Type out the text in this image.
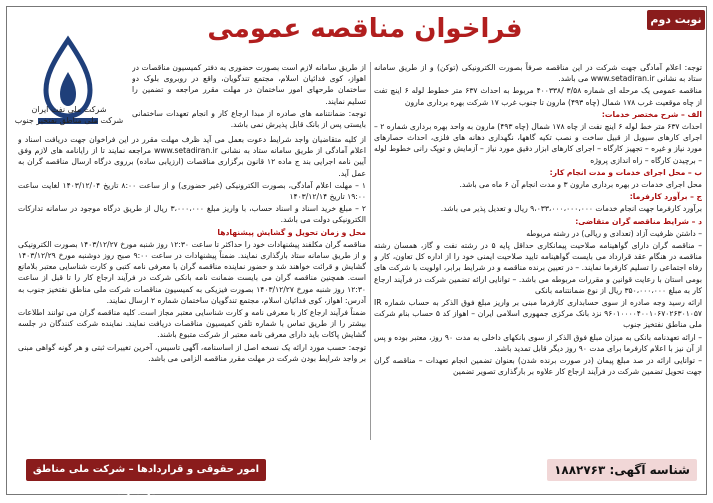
نوبت دوم
فراخوان مناقصه عمومی
شرکت ملی نفت ایران
شرکت ملی مناطق نفتخیز جنوب

توجه: اعلام آمادگی جهت شرکت در این مناقصه صرفاً بصورت الکترونیکی (توکن) و از طریق سامانه ستاد به نشانی www.setadiran.ir می باشد.

مناقصه عمومی یک مرحله ای شماره ۳/۵۸ /۴۰۰۳۳۸ مربوط به احداث ۶۳۷ متر خطوط لوله ۶ اینچ تفت از چاه موقعیت غرب ۱۷۸ شمال (چاه ۴۹۳) مارون تا جنوب غرب ۱۷ شرکت بهره برداری مارون

الف – شرح مختصر خدمات:

احداث ۶۳۷ متر خط لوله ۶ اینچ نفت از چاه ۱۷۸ شمال (چاه ۴۹۳) مارون به واحد بهره برداری شماره ۲ – اجرای کارهای سیویل از قبیل ساخت و نصب تکیه گاهها، نگهداری دهانه های فلزی، احداث حصارهای مورد نیاز و غیره – تجهیز کارگاه – اجرای کارهای ابزار دقیق مورد نیاز – آزمایش و توپک رانی خطوط لوله – برچیدن کارگاه – راه اندازی پروژه

ب – محل اجرای خدمات و مدت انجام کار:

محل اجرای خدمات در بهره برداری مارون ۳ و مدت انجام آن ۶ ماه می باشد.

ج – برآورد کارفرما:

برآورد کارفرما جهت انجام خدمات ۹،۰۳۳،۰۰۰،۰۰۰،۰۰۰ ریال و تعدیل پذیر می باشد.

د – شرایط مناقصه گران متقاضی:

– داشتن ظرفیت آزاد (تعدادی و ریالی) در رشته مربوطه

– مناقصه گران دارای گواهینامه صلاحیت پیمانکاری حداقل پایه ۵ در رشته نفت و گاز، همسان رشته مناقصه در هنگام عقد قرارداد می بایست گواهینامه تایید صلاحیت ایمنی خود را از اداره کل تعاون، کار و رفاه اجتماعی را تسلیم کارفرما نمایند. – در تعیین برنده مناقصه و در شرایط برابر، اولویت با شرکت های بومی استان با رعایت قوانین و مقررات مربوطه می باشد. – توانایی ارائه تضمین شرکت در فرآیند ارجاع کار به مبلغ ۳۵۰،۰۰۰،۰۰۰ ریال از نوع ضمانتنامه بانکی

ارائه رسید وجه صادره از سوی حسابداری کارفرما مبنی بر واریز مبلغ فوق الذکر به حساب شماره IR ۹۶۰۱۰۰۰۰۴۰۰۱۰۶۷۰۲۶۳۰۱۰۵۷ نزد بانک مرکزی جمهوری اسلامی ایران – اهواز کد ۵ حساب بنام شرکت ملی مناطق نفتخیز جنوب

– ارائه تعهدنامه بانکی به میزان مبلغ فوق الذکر از سوی بانکهای داخلی به مدت ۹۰ روز، معتبر بوده و پس از آن نیز با اعلام کارفرما برای مدت ۹۰ روز دیگر قابل تمدید باشد.

– توانایی ارائه در صد مبلغ پیمان (در صورت برنده شدن) بعنوان تضمین انجام تعهدات – مناقصه گران جهت تحویل تضمین شرکت در فرآیند ارجاع کار علاوه بر بارگذاری تصویر تضمین

از طریق سامانه لازم است بصورت حضوری به دفتر کمیسیون مناقصات در اهواز، کوی فدائیان اسلام، مجتمع تندگویان، واقع در روبروی بلوک دو ساختمان طرحهای امور ساختمان در مهلت مقرر مراجعه و تضمین را تسلیم نمایند.

توجه: ضمانتنامه های صادره از مبدا ارجاع کار و انجام تعهدات ساختمانی بایستی پس از بانک قابل پذیرش نمی باشد.

از کلیه متقاضیان واجد شرایط دعوت بعمل می آید ظرف مهلت مقرر در این فراخوان جهت دریافت اسناد و اعلام آمادگی از طریق سامانه ستاد به نشانی www.setadiran.ir مراجعه نمایند تا از رایانامه های لازم وفق آیین نامه اجرایی بند ج ماده ۱۲ قانون برگزاری مناقصات (ارزیابی ساده) برروی درگاه ارسال مناقصه گران به عمل آید.

۱ – مهلت اعلام آمادگی، بصورت الکترونیکی (غیر حضوری) و از ساعت ۸:۰۰ تاریخ ۱۴۰۳/۱۲/۰۴ لغایت ساعت ۱۹:۰۰ تاریخ ۱۴۰۳/۱۲/۱۴

۲ – مبلغ خرید اسناد و اسناد حساب، با واریز مبلغ ۳،۰۰۰،۰۰۰ ریال از طریق درگاه موجود در سامانه تدارکات الکترونیکی دولت می باشد.

محل و زمان تحویل و گشایش پیشنهادها

مناقصه گران مکلفند پیشنهادات خود را حداکثر تا ساعت ۱۲:۳۰ روز شنبه مورخ ۱۴۰۳/۱۲/۲۷ بصورت الکترونیکی و از طریق سامانه ستاد بارگذاری نمایند. ضمناً پیشنهادات در ساعت ۹:۰۰ صبح روز دوشنبه مورخ ۱۴۰۳/۱۲/۲۹ گشایش و قرائت خواهند شد و حضور نماینده مناقصه گران با معرفی نامه کتبی و کارت شناسایی معتبر بلامانع است. همچنین مناقصه گران می بایست ضمانت نامه بانکی شرکت در فرآیند ارجاع کار را تا قبل از ساعت ۱۲:۳۰ روز شنبه مورخ ۱۴۰۳/۱۲/۲۷ بصورت فیزیکی به کمیسیون مناقصات شرکت ملی مناطق نفتخیز جنوب به آدرس: اهواز، کوی فدائیان اسلام، مجتمع تندگویان ساختمان شماره ۲ ارسال نمایند.

ضمناً فرآیند ارجاع کار با معرفی نامه و کارت شناسایی معتبر مجاز است. کلیه مناقصه گران می توانند اطلاعات بیشتر را از طریق تماس با شماره تلفن کمیسیون مناقصات دریافت نمایند. نماینده شرکت کنندگان در جلسه گشایش پاکات باید دارای معرفی نامه معتبر از شرکت متبوع باشند.

توجه: حسب مورد ارائه یک نسخه اصل از اساسنامه، آگهی تاسیس، آخرین تغییرات ثبتی و هر گونه گواهی مبنی بر واجد شرایط بودن شرکت در مهلت مقرر مناقصه الزامی می باشد.

امور حقوقی و قراردادها – شرکت ملی مناطق نفتخیز جنوب
شناسه آگهی: ۱۸۸۲۷۶۳
